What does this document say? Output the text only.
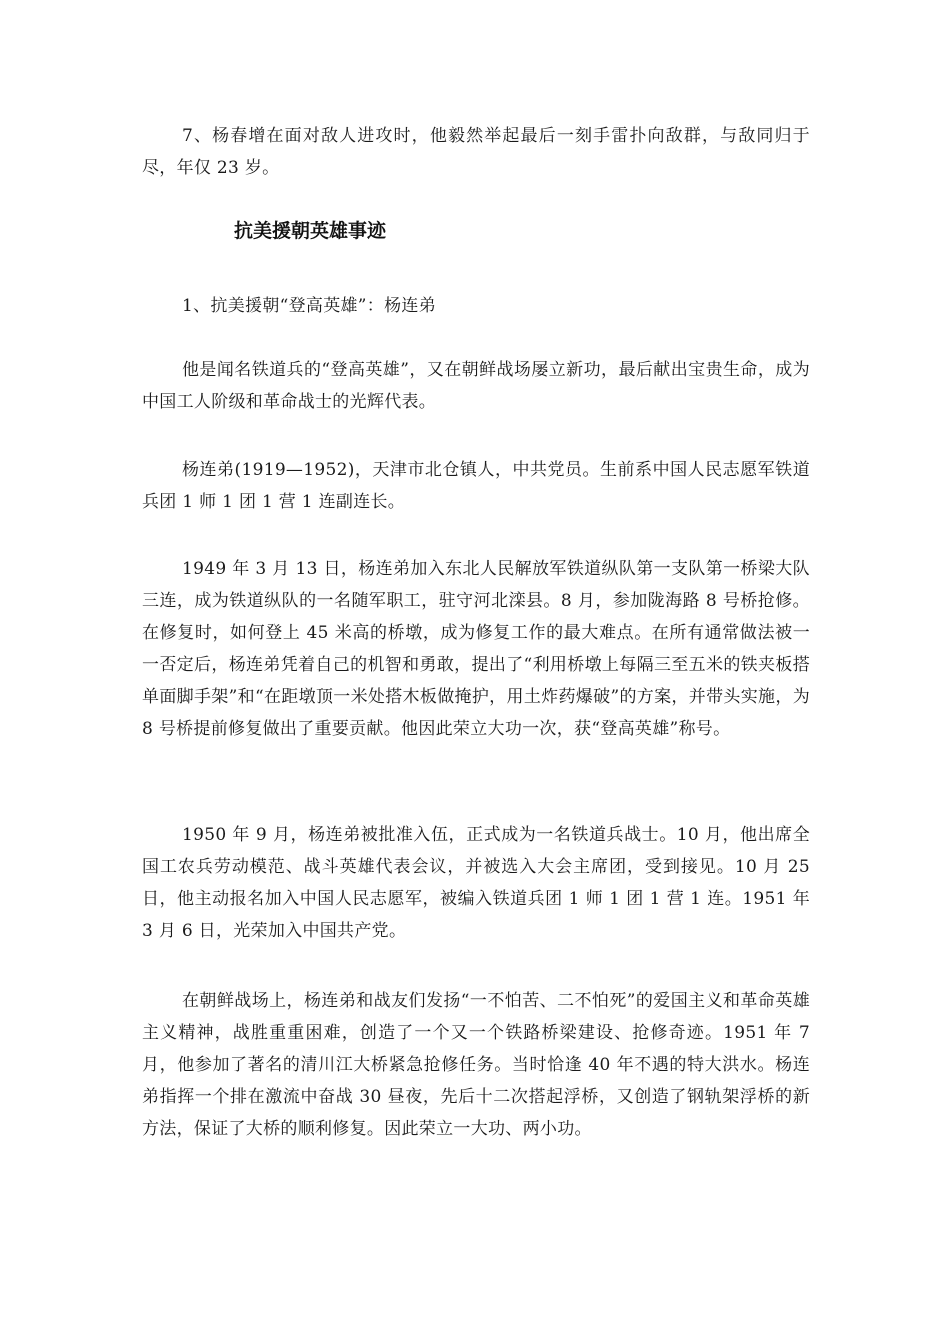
7、杨春增在面对敌人进攻时，他毅然举起最后一刻手雷扑向敌群，与敌同归于尽，年仅 23 岁。

抗美援朝英雄事迹

1、抗美援朝“登高英雄”：杨连弟

他是闻名铁道兵的“登高英雄”，又在朝鲜战场屡立新功，最后献出宝贵生命，成为中国工人阶级和革命战士的光辉代表。

杨连弟(1919—1952)，天津市北仓镇人，中共党员。生前系中国人民志愿军铁道兵团 1 师 1 团 1 营 1 连副连长。

1949 年 3 月 13 日，杨连弟加入东北人民解放军铁道纵队第一支队第一桥梁大队三连，成为铁道纵队的一名随军职工，驻守河北滦县。8 月，参加陇海路 8 号桥抢修。在修复时，如何登上 45 米高的桥墩，成为修复工作的最大难点。在所有通常做法被一一否定后，杨连弟凭着自己的机智和勇敢，提出了“利用桥墩上每隔三至五米的铁夹板搭单面脚手架”和“在距墩顶一米处搭木板做掩护，用土炸药爆破”的方案，并带头实施，为 8 号桥提前修复做出了重要贡献。他因此荣立大功一次，获“登高英雄”称号。

1950 年 9 月，杨连弟被批准入伍，正式成为一名铁道兵战士。10 月，他出席全国工农兵劳动模范、战斗英雄代表会议，并被选入大会主席团，受到接见。10 月 25 日，他主动报名加入中国人民志愿军，被编入铁道兵团 1 师 1 团 1 营 1 连。1951 年 3 月 6 日，光荣加入中国共产党。

在朝鲜战场上，杨连弟和战友们发扬“一不怕苦、二不怕死”的爱国主义和革命英雄主义精神，战胜重重困难，创造了一个又一个铁路桥梁建设、抢修奇迹。1951 年 7 月，他参加了著名的清川江大桥紧急抢修任务。当时恰逢 40 年不遇的特大洪水。杨连弟指挥一个排在激流中奋战 30 昼夜，先后十二次搭起浮桥，又创造了钢轨架浮桥的新方法，保证了大桥的顺利修复。因此荣立一大功、两小功。
